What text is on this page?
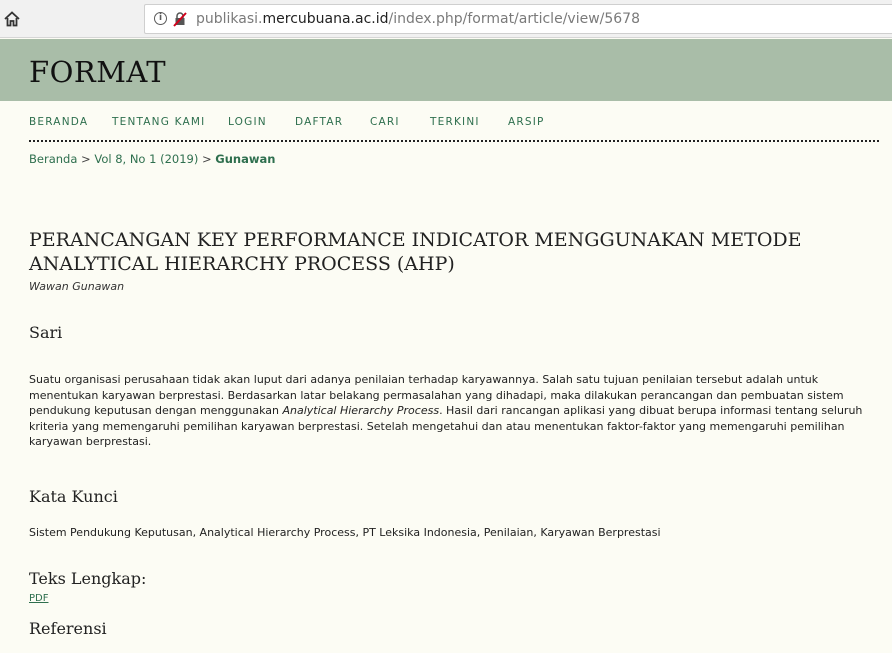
i	publikasi.mercubuana.ac.id/index.php/format/article/view/5678
FORMAT
BERANDA TENTANG KAMI LOGIN	DAFTAR	CARI	TERKINI	ARSIP
Beranda > Vol 8, No 1 (2019) > Gunawan
PERANCANGAN KEY PERFORMANCE INDICATOR MENGGUNAKAN METODE ANALYTICAL HIERARCHY PROCESS (AHP)
Wawan Gunawan
Sari

Suatu organisasi perusahaan tidak akan luput dari adanya penilaian terhadap karyawannya. Salah satu tujuan penilaian tersebut adalah untuk menentukan karyawan berprestasi. Berdasarkan latar belakang permasalahan yang dihadapi, maka dilakukan perancangan dan pembuatan sistem pendukung keputusan dengan menggunakan Analytical Hierarchy Process. Hasil dari rancangan aplikasi yang dibuat berupa informasi tentang seluruh kriteria yang memengaruhi pemilihan karyawan berprestasi. Setelah mengetahui dan atau menentukan faktor-faktor yang memengaruhi pemilihan karyawan berprestasi.

Kata Kunci
Sistem Pendukung Keputusan, Analytical Hierarchy Process, PT Leksika Indonesia, Penilaian, Karyawan Berprestasi
Teks Lengkap:
PDF
Referensi
